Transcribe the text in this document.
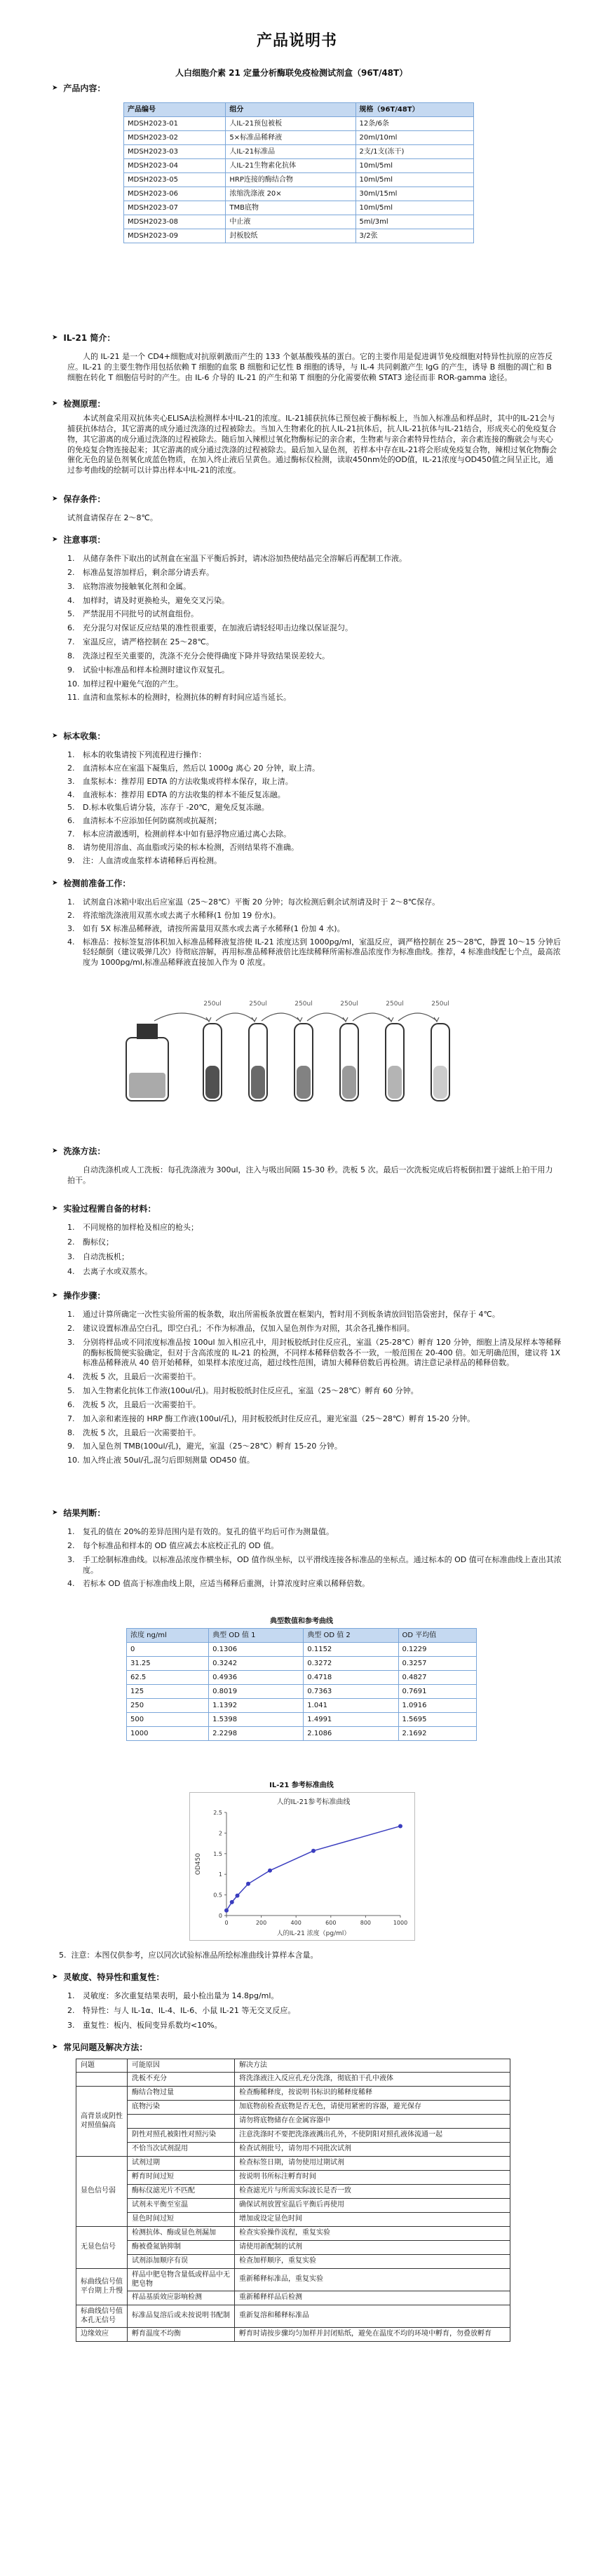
产品说明书
人白细胞介素 21 定量分析酶联免疫检测试剂盒（96T/48T）
➤ 产品内容：
产品编号	组分	规格（96T/48T）
MDSH2023-01	人IL-21预包被板	12条/6条
MDSH2023-02	5×标准品稀释液	20ml/10ml
MDSH2023-03	人IL-21标准品	2支/1支(冻干)
MDSH2023-04	人IL-21生物素化抗体	10ml/5ml
MDSH2023-05	HRP连接的酶结合物	10ml/5ml
MDSH2023-06	浓缩洗涤液 20×	30ml/15ml
MDSH2023-07	TMB底物	10ml/5ml
MDSH2023-08	中止液	5ml/3ml
MDSH2023-09	封板胶纸	3/2张
➤ IL-21 简介：
人的 IL-21 是一个 CD4+细胞成对抗原刺激而产生的 133 个氨基酸残基的蛋白。它的主要作用是促进调节免疫细胞对特异性抗原的应答反应。IL-21 的主要生物作用包括依赖 T 细胞的血浆 B 细胞和记忆性 B 细胞的诱导，与 IL-4 共同刺激产生 IgG 的产生，诱导 B 细胞的凋亡和 B 细胞在转化 T 细胞信号时的产生。由 IL-6 介导的 IL-21 的产生和第 T 细胞的分化需要依赖 STAT3 途径而非 ROR-gamma 途径。
➤ 检测原理：
本试剂盒采用双抗体夹心ELISA法检测样本中IL-21的浓度。IL-21捕获抗体已预包被于酶标板上，当加入标准品和样品时，其中的IL-21会与捕获抗体结合，其它游离的成分通过洗涤的过程被除去。当加入生物素化的抗人IL-21抗体后，抗人IL-21抗体与IL-21结合，形成夹心的免疫复合物，其它游离的成分通过洗涤的过程被除去。随后加入辣根过氧化物酶标记的亲合素，生物素与亲合素特异性结合，亲合素连接的酶就会与夹心的免疫复合物连接起来；其它游离的成分通过洗涤的过程被除去。最后加入显色剂，若样本中存在IL-21将会形成免疫复合物，辣根过氧化物酶会催化无色的显色剂氧化成蓝色物质，在加入终止液后呈黄色。通过酶标仪检测，读取450nm处的OD值，IL-21浓度与OD450值之间呈正比，通过参考曲线的绘制可以计算出样本中IL-21的浓度。
➤ 保存条件：
试剂盒请保存在 2～8℃。
➤ 注意事项：
1.	从储存条件下取出的试剂盒在室温下平衡后拆封，请冰浴加热使结晶完全溶解后再配制工作液。
2.	标准品复溶加样后，剩余部分请丢弃。
3.	底物溶液勿接触氧化剂和金属。
4.	加样时，请及时更换枪头，避免交叉污染。
5.	严禁混用不同批号的试剂盒组份。
6.	充分混匀对保证反应结果的准性很重要，在加液后请轻轻叩击边缘以保证混匀。
7.	室温反应，请严格控制在 25～28℃。
8.	洗涤过程至关重要的，洗涤不充分会使得确度下降并导致结果误差较大。
9.	试验中标准品和样本检测时建议作双复孔。
10. 加样过程中避免气泡的产生。
11. 血清和血浆标本的检测时，检测抗体的孵育时间应适当延长。
➤ 标本收集：
1.	标本的收集请按下列流程进行操作：
2.	血清标本应在室温下凝集后，然后以 1000g 离心 20 分钟，取上清。
3.	血浆标本：推荐用 EDTA 的方法收集或将样本保存，取上清。
4.	血液标本：推荐用 EDTA 的方法收集的样本不能反复冻融。
5.	D.标本收集后请分装，冻存于 -20℃，避免反复冻融。
6.	血清标本不应添加任何防腐剂或抗凝剂；
7.	标本应清澈透明，检测前样本中如有悬浮物应通过离心去除。
8.	请勿使用溶血、高血脂或污染的标本检测，否则结果将不准确。
9.	注：人血清或血浆样本请稀释后再检测。
➤ 检测前准备工作：
1.	试剂盒自冰箱中取出后应室温（25～28℃）平衡 20 分钟；每次检测后剩余试剂请及时于 2～8℃保存。
2.	将浓缩洗涤液用双蒸水或去离子水稀释(1 份加 19 份水)。
3.	如有 5X 标准品稀释液，请按所需量用双蒸水或去离子水稀释(1 份加 4 水)。
4.	标准品：按标签复溶体积加入标准品稀释液复溶使 IL-21 浓度达到 1000pg/ml，室温反应，调严格控制在 25～28℃，静置 10～15 分钟后轻轻颠倒（建议吸弹几次）待彻底溶解，再用标准品稀释液倍比连续稀释所需标准品浓度作为标准曲线。推荐，4 标准曲线配七个点，最高浓度为 1000pg/ml,标准品稀释液直接加入作为 0 浓度。
250ul	250ul	250ul	250ul	250ul	250ul
➤ 洗涤方法：
自动洗涤机或人工洗板：每孔洗涤液为 300ul，注入与吸出间隔 15-30 秒。洗板 5 次。最后一次洗板完成后将板倒扣置于滤纸上拍干用力拍干。
➤ 实验过程需自备的材料：
1.	不同规格的加样枪及相应的枪头；
2.	酶标仪；
3.	自动洗板机；
4.	去离子水或双蒸水。
➤ 操作步骤：
1.	通过计算所确定一次性实验所需的板条数，取出所需板条放置在框架内，暂时用不到板条请放回铝箔袋密封，保存于 4℃。
2.	建议设置标准品空白孔，即空白孔；不作为标准品，仅加入显色剂作为对照，其余各孔操作相同。
3.	分别将样品或不同浓度标准品按 100ul 加入相应孔中，用封板胶纸封住反应孔，室温（25-28℃）孵育 120 分钟，细胞上清及尿样本等稀释的酶标板简便实验确定，但对于含高浓度的 IL-21 的检测，不同样本稀释倍数各不一致，一般范围在 20-400 倍。如无明确范围，建议将 1X 标准品稀释液从 40 倍开始稀释，如果样本浓度过高，超过线性范围，请加大稀释倍数后再检测。请注意记录样品的稀释倍数。
4.	洗板 5 次，且最后一次需要拍干。
5.	加入生物素化抗体工作液(100ul/孔)。用封板胶纸封住反应孔，室温（25～28℃）孵育 60 分钟。
6.	洗板 5 次，且最后一次需要拍干。
7.	加入亲和素连接的 HRP 酶工作液(100ul/孔)，用封板胶纸封住反应孔，避光室温（25～28℃）孵育 15-20 分钟。
8.	洗板 5 次，且最后一次需要拍干。
9.	加入显色剂 TMB(100ul/孔)，避光，室温（25～28℃）孵育 15-20 分钟。
10. 加入终止液 50ul/孔,混匀后即刻测量 OD450 值。
➤ 结果判断：
1.	复孔的值在 20%的差异范围内是有效的。复孔的值平均后可作为测量值。
2.	每个标准品和样本的 OD 值应减去本底校正孔的 OD 值。
3.	手工绘制标准曲线。以标准品浓度作横坐标，OD 值作纵坐标，以平滑线连接各标准品的坐标点。通过标本的 OD 值可在标准曲线上查出其浓度。
4.	若标本 OD 值高于标准曲线上限，应适当稀释后重测，计算浓度时应乘以稀释倍数。
典型数值和参考曲线
浓度 ng/ml	典型 OD 值 1	典型 OD 值 2	OD 平均值
0	0.1306	0.1152	0.1229
31.25	0.3242	0.3272	0.3257
62.5	0.4936	0.4718	0.4827
125	0.8019	0.7363	0.7691
250	1.1392	1.041	1.0916
500	1.5398	1.4991	1.5695
1000	2.2298	2.1086	2.1692
IL-21 参考标准曲线
人的IL-21参考标准曲线
0
0.5
1
1.5
2
2.5
0	200	400	600	800	1000
人的IL-21 浓度（pg/ml）
OD450
5.  注意：本图仅供参考，应以同次试验标准品所绘标准曲线计算样本含量。
➤ 灵敏度、特异性和重复性：
1.	灵敏度：多次重复结果表明，最小检出量为 14.8pg/ml。
2.	特异性：与人 IL-1α、IL-4、IL-6、小鼠 IL-21 等无交叉反应。
3.	重复性：板内、板间变异系数均<10%。
➤ 常见问题及解决方法：
问题	可能原因	解决方法
	洗板不充分	将洗涤液注入反应孔充分洗涤，彻底拍干孔中液体
高背景或阴性对照值偏高	酶结合物过量	检查酶稀释度，按说明书标识的稀释度稀释
	底物污染	加底物前检查底物是否无色，请使用紧密的容器，避光保存
		请勿将底物储存在金属容器中
	阴性对照孔被阳性对照污染	注意洗涤时不要把洗涤液溅出孔外，不使阴阳对照孔液体流通一起
	不恰当次试剂混用	检查试剂批号，请勿用不同批次试剂
显色信号弱	试剂过期	检查标签日期，请勿使用过期试剂
	孵育时间过短	按说明书所标注孵育时间
	酶标仪滤光片不匹配	检查滤光片与所需实际波长是否一致
	试剂未平衡至室温	确保试剂放置室温后平衡后再使用
	显色时间过短	增加或设定显色时间
无显色信号	检测抗体、酶或显色剂漏加	检查实验操作流程，重复实验
	酶被叠氮钠抑制	请使用新配制的试剂
	试剂添加顺序有误	检查加样顺序，重复实验
标曲线信号值平台期上升慢	样品中肥皂物含量低或样品中无肥皂物	重新稀释标准品，重复实验
	样品基质效应影响检测	重新稀释样品后检测
标曲线信号值本孔无信号	标准品复溶后或未按说明书配制	重新复溶和稀释标准品
边缘效应	孵育温度不均衡	孵育时请按步骤均匀加样并封闭贴纸，避免在温度不均的环境中孵育，勿叠放孵育
